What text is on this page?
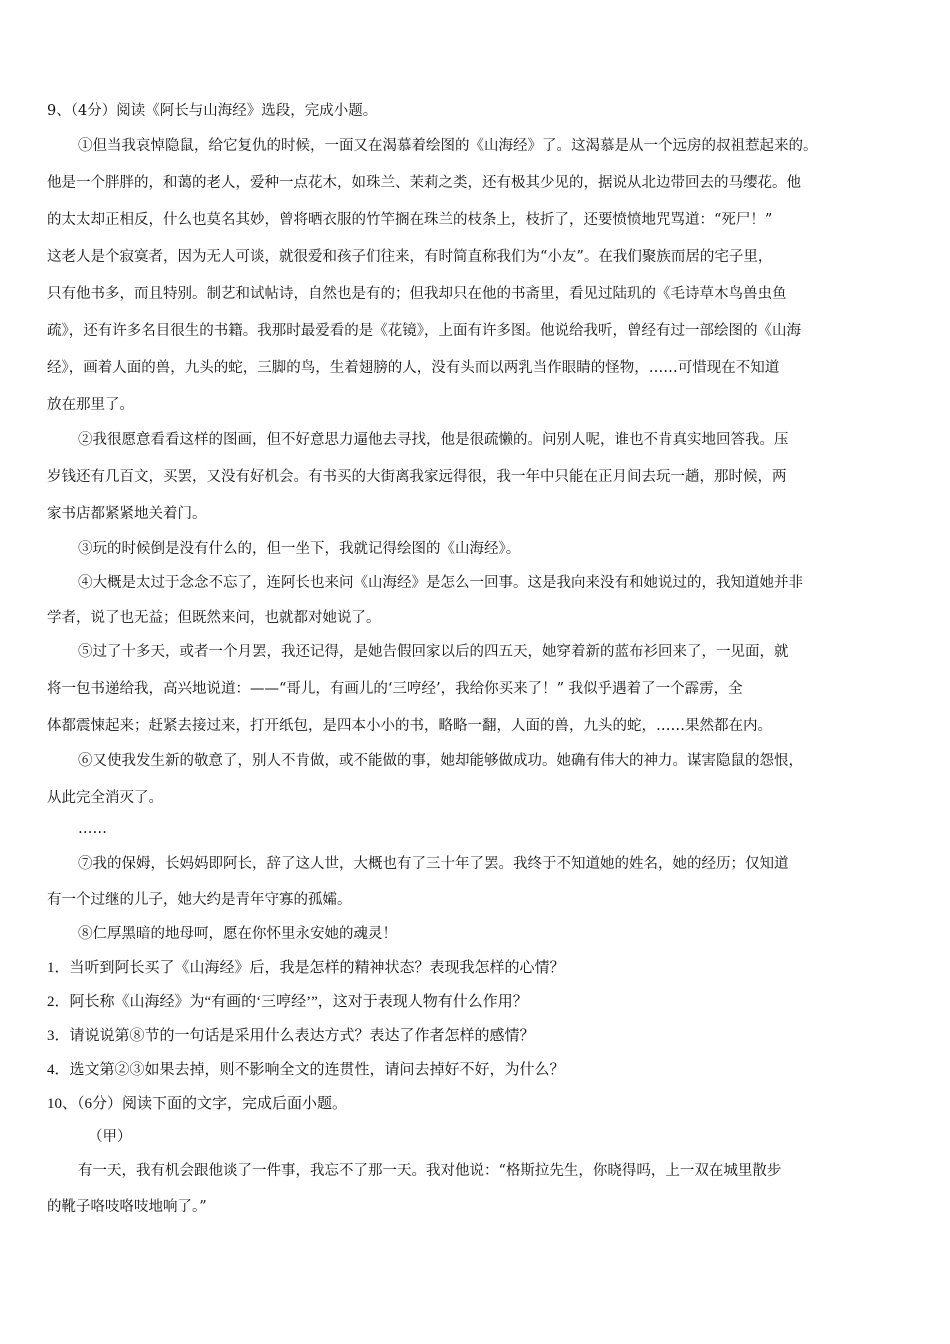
9、（4分）阅读《阿长与山海经》选段，完成小题。
①但当我哀悼隐鼠，给它复仇的时候，一面又在渴慕着绘图的《山海经》了。这渴慕是从一个远房的叔祖惹起来的。
他是一个胖胖的，和蔼的老人，爱种一点花木，如珠兰、茉莉之类，还有极其少见的，据说从北边带回去的马缨花。他
的太太却正相反，什么也莫名其妙，曾将晒衣服的竹竿搁在珠兰的枝条上，枝折了，还要愤愤地咒骂道：“死尸！”
这老人是个寂寞者，因为无人可谈，就很爱和孩子们往来，有时简直称我们为“小友”。在我们聚族而居的宅子里，
只有他书多，而且特别。制艺和试帖诗，自然也是有的；但我却只在他的书斋里，看见过陆玑的《毛诗草木鸟兽虫鱼
疏》，还有许多名目很生的书籍。我那时最爱看的是《花镜》，上面有许多图。他说给我听，曾经有过一部绘图的《山海
经》，画着人面的兽，九头的蛇，三脚的鸟，生着翅膀的人，没有头而以两乳当作眼睛的怪物，……可惜现在不知道
放在那里了。
②我很愿意看看这样的图画，但不好意思力逼他去寻找，他是很疏懒的。问别人呢，谁也不肯真实地回答我。压
岁钱还有几百文，买罢，又没有好机会。有书买的大街离我家远得很，我一年中只能在正月间去玩一趟，那时候，两
家书店都紧紧地关着门。
③玩的时候倒是没有什么的，但一坐下，我就记得绘图的《山海经》。
④大概是太过于念念不忘了，连阿长也来问《山海经》是怎么一回事。这是我向来没有和她说过的，我知道她并非
学者，说了也无益；但既然来问，也就都对她说了。
⑤过了十多天，或者一个月罢，我还记得，是她告假回家以后的四五天，她穿着新的蓝布衫回来了，一见面，就
将一包书递给我，高兴地说道：——“哥儿，有画儿的‘三哼经’，我给你买来了！” 我似乎遇着了一个霹雳，全
体都震悚起来；赶紧去接过来，打开纸包，是四本小小的书，略略一翻，人面的兽，九头的蛇，……果然都在内。
⑥又使我发生新的敬意了，别人不肯做，或不能做的事，她却能够做成功。她确有伟大的神力。谋害隐鼠的怨恨，
从此完全消灭了。
……
⑦我的保姆，长妈妈即阿长，辞了这人世，大概也有了三十年了罢。我终于不知道她的姓名，她的经历；仅知道
有一个过继的儿子，她大约是青年守寡的孤孀。
⑧仁厚黑暗的地母呵，愿在你怀里永安她的魂灵！
1．当听到阿长买了《山海经》后，我是怎样的精神状态？表现我怎样的心情？
2．阿长称《山海经》为“有画的‘三哼经’”，这对于表现人物有什么作用？
3．请说说第⑧节的一句话是采用什么表达方式？表达了作者怎样的感情？
4．选文第②③如果去掉，则不影响全文的连贯性，请问去掉好不好，为什么？
10、（6分）阅读下面的文字，完成后面小题。
（甲）
有一天，我有机会跟他谈了一件事，我忘不了那一天。我对他说：“格斯拉先生，你晓得吗，上一双在城里散步
的靴子咯吱咯吱地响了。”
